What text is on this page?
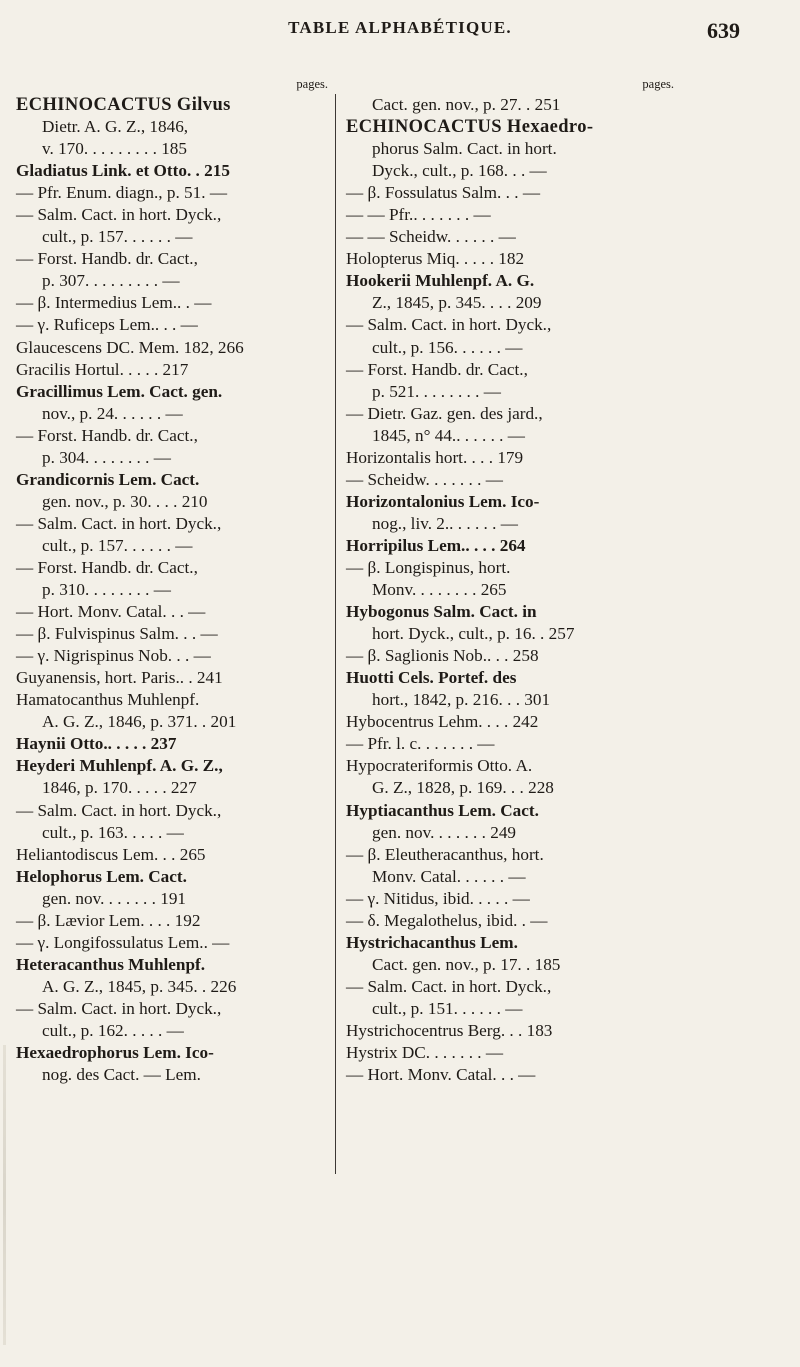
TABLE ALPHABÉTIQUE.	639
pages.
ECHINOCACTUS Gilvus
Dietr. A. G. Z., 1846,
v. 170. . . . . . . . . 185
Gladiatus Link. et Otto. . 215
— Pfr. Enum. diagn., p. 51. —
— Salm. Cact. in hort. Dyck.,
cult., p. 157. . . . . . —
— Forst. Handb. dr. Cact.,
p. 307. . . . . . . . . —
— β. Intermedius Lem.. . —
— γ. Ruficeps Lem.. . . —
Glaucescens DC. Mem. 182, 266
Gracilis Hortul. . . . . 217
Gracillimus Lem. Cact. gen.
nov., p. 24. . . . . . —
— Forst. Handb. dr. Cact.,
p. 304. . . . . . . . —
Grandicornis Lem. Cact.
gen. nov., p. 30. . . . 210
— Salm. Cact. in hort. Dyck.,
cult., p. 157. . . . . . —
— Forst. Handb. dr. Cact.,
p. 310. . . . . . . . —
— Hort. Monv. Catal. . . —
— β. Fulvispinus Salm. . . —
— γ. Nigrispinus Nob. . . —
Guyanensis, hort. Paris.. . 241
Hamatocanthus Muhlenpf.
A. G. Z., 1846, p. 371. . 201
Haynii Otto.. . . . . 237
Heyderi Muhlenpf. A. G. Z.,
1846, p. 170. . . . . 227
— Salm. Cact. in hort. Dyck.,
cult., p. 163. . . . . —
Heliantodiscus Lem. . . 265
Helophorus Lem. Cact.
gen. nov. . . . . . . 191
— β. Lævior Lem. . . . 192
— γ. Longifossulatus Lem.. —
Heteracanthus Muhlenpf.
A. G. Z., 1845, p. 345. . 226
— Salm. Cact. in hort. Dyck.,
cult., p. 162. . . . . —
Hexaedrophorus Lem. Ico-
nog. des Cact. — Lem.
pages.
Cact. gen. nov., p. 27. . 251
ECHINOCACTUS Hexaedro-
phorus Salm. Cact. in hort.
Dyck., cult., p. 168. . . —
— β. Fossulatus Salm. . . —
— — Pfr.. . . . . . . —
— — Scheidw. . . . . . —
Holopterus Miq. . . . . 182
Hookerii Muhlenpf. A. G.
Z., 1845, p. 345. . . . 209
— Salm. Cact. in hort. Dyck.,
cult., p. 156. . . . . . —
— Forst. Handb. dr. Cact.,
p. 521. . . . . . . . —
— Dietr. Gaz. gen. des jard.,
1845, n° 44.. . . . . . —
Horizontalis hort. . . . 179
— Scheidw. . . . . . . —
Horizontalonius Lem. Ico-
nog., liv. 2.. . . . . . —
Horripilus Lem.. . . . 264
— β. Longispinus, hort.
Monv. . . . . . . . 265
Hybogonus Salm. Cact. in
hort. Dyck., cult., p. 16. . 257
— β. Saglionis Nob.. . . 258
Huotti Cels. Portef. des
hort., 1842, p. 216. . . 301
Hybocentrus Lehm. . . . 242
— Pfr. l. c. . . . . . . —
Hypocrateriformis Otto. A.
G. Z., 1828, p. 169. . . 228
Hyptiacanthus Lem. Cact.
gen. nov. . . . . . . 249
— β. Eleutheracanthus, hort.
Monv. Catal. . . . . . —
— γ. Nitidus, ibid. . . . . —
— δ. Megalothelus, ibid. . —
Hystrichacanthus Lem.
Cact. gen. nov., p. 17. . 185
— Salm. Cact. in hort. Dyck.,
cult., p. 151. . . . . . —
Hystrichocentrus Berg. . . 183
Hystrix DC. . . . . . . —
— Hort. Monv. Catal. . . —
